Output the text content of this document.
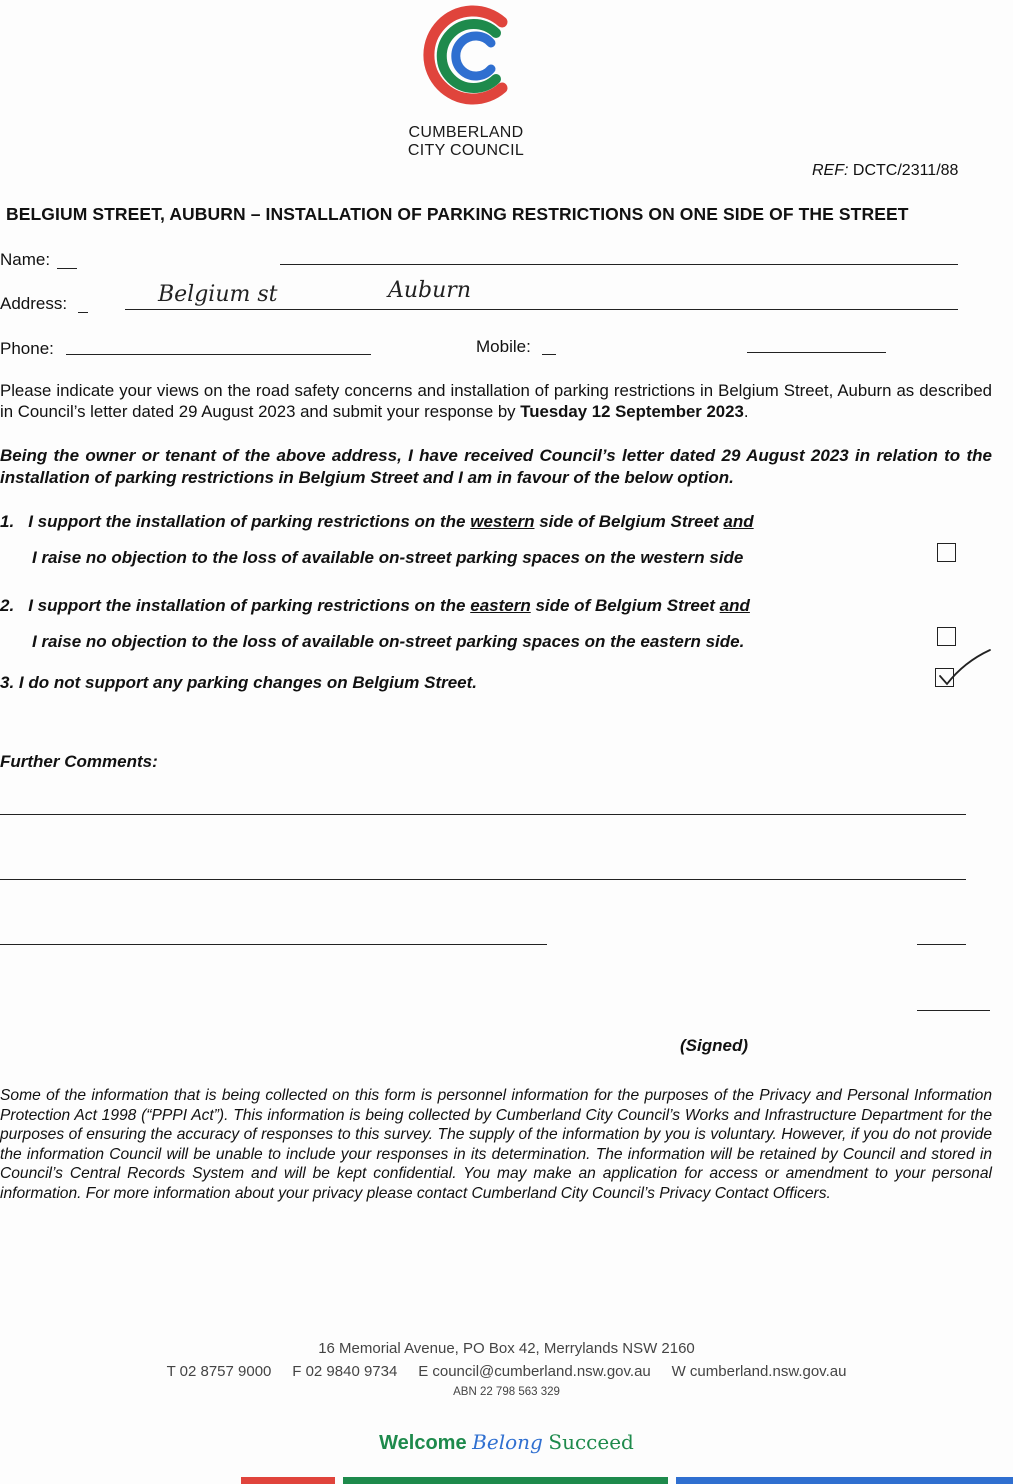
CUMBERLAND
CITY COUNCIL
REF: DCTC/2311/88
BELGIUM STREET, AUBURN – INSTALLATION OF PARKING RESTRICTIONS ON ONE SIDE OF THE STREET
Name:
Address:	Belgium st	Auburn
Phone:	Mobile:
Please indicate your views on the road safety concerns and installation of parking restrictions in Belgium Street, Auburn as described in Council’s letter dated 29 August 2023 and submit your response by Tuesday 12 September 2023.
Being the owner or tenant of the above address, I have received Council’s letter dated 29 August 2023 in relation to the installation of parking restrictions in Belgium Street and I am in favour of the below option.
1. I support the installation of parking restrictions on the western side of Belgium Street and
I raise no objection to the loss of available on-street parking spaces on the western side
2. I support the installation of parking restrictions on the eastern side of Belgium Street and
I raise no objection to the loss of available on-street parking spaces on the eastern side.
3. I do not support any parking changes on Belgium Street.
Further Comments:
(Signed)
Some of the information that is being collected on this form is personnel information for the purposes of the Privacy and Personal Information Protection Act 1998 (“PPPI Act”). This information is being collected by Cumberland City Council’s Works and Infrastructure Department for the purposes of ensuring the accuracy of responses to this survey. The supply of the information by you is voluntary. However, if you do not provide the information Council will be unable to include your responses in its determination. The information will be retained by Council and stored in Council’s Central Records System and will be kept confidential. You may make an application for access or amendment to your personal information. For more information about your privacy please contact Cumberland City Council’s Privacy Contact Officers.
16 Memorial Avenue, PO Box 42, Merrylands NSW 2160
T 02 8757 9000 F 02 9840 9734 E council@cumberland.nsw.gov.au W cumberland.nsw.gov.au
ABN 22 798 563 329
Welcome Belong Succeed
